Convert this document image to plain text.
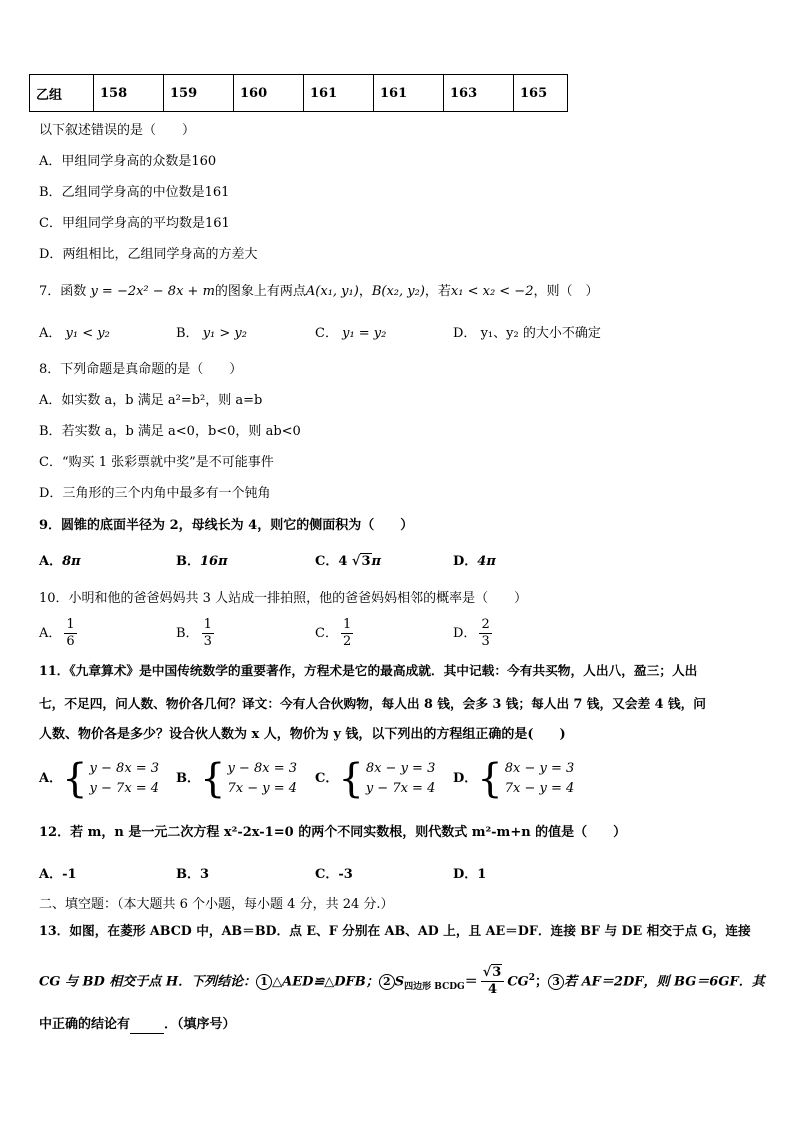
乙组	158	159	160	161	161	163	165
以下叙述错误的是（　　）
A．甲组同学身高的众数是160
B．乙组同学身高的中位数是161
C．甲组同学身高的平均数是161
D．两组相比，乙组同学身高的方差大
7．函数 y = −2x² − 8x + m的图象上有两点A(x₁, y₁)，B(x₂, y₂)，若x₁ < x₂ < −2，则（　）
A． y₁ < y₂	B． y₁ > y₂	C． y₁ = y₂	D． y₁、y₂ 的大小不确定
8．下列命题是真命题的是（　　）
A．如实数 a，b 满足 a²=b²，则 a=b
B．若实数 a，b 满足 a<0，b<0，则 ab<0
C．“购买 1 张彩票就中奖”是不可能事件
D．三角形的三个内角中最多有一个钝角
9．圆锥的底面半径为 2，母线长为 4，则它的侧面积为（　　）
A．8π	B．16π	C．4 √3π	D．4π
10．小明和他的爸爸妈妈共 3 人站成一排拍照，他的爸爸妈妈相邻的概率是（　　）
A． $\frac{1}{6}$	B． $\frac{1}{3}$	C． $\frac{1}{2}$	D． $\frac{2}{3}$
11．《九章算术》是中国传统数学的重要著作，方程术是它的最高成就．其中记载：今有共买物，人出八，盈三；人出
七，不足四，问人数、物价各几何？译文：今有人合伙购物，每人出 8 钱，会多 3 钱；每人出 7 钱，又会差 4 钱，问
人数、物价各是多少？设合伙人数为 x 人，物价为 y 钱，以下列出的方程组正确的是(　　)
A． { y − 8x = 3
y − 7x = 4
B． { y − 8x = 3
7x − y = 4
C． { 8x − y = 3
y − 7x = 4
D． { 8x − y = 3
7x − y = 4
12．若 m，n 是一元二次方程 x²-2x-1=0 的两个不同实数根，则代数式 m²-m+n 的值是（　　）
A．-1	B．3	C．-3	D．1
二、填空题：（本大题共 6 个小题，每小题 4 分，共 24 分.）
13．如图，在菱形 ABCD 中，AB＝BD．点 E、F 分别在 AB、AD 上，且 AE＝DF．连接 BF 与 DE 相交于点 G，连接
CG 与 BD 相交于点 H．下列结论： 1 △AED≌△DFB； 2 $S_{四边形 BCDG}= \frac{√3}{4} CG^2$； 3 若 AF＝2DF，则 BG＝6GF．其
中正确的结论有	．（填序号）
